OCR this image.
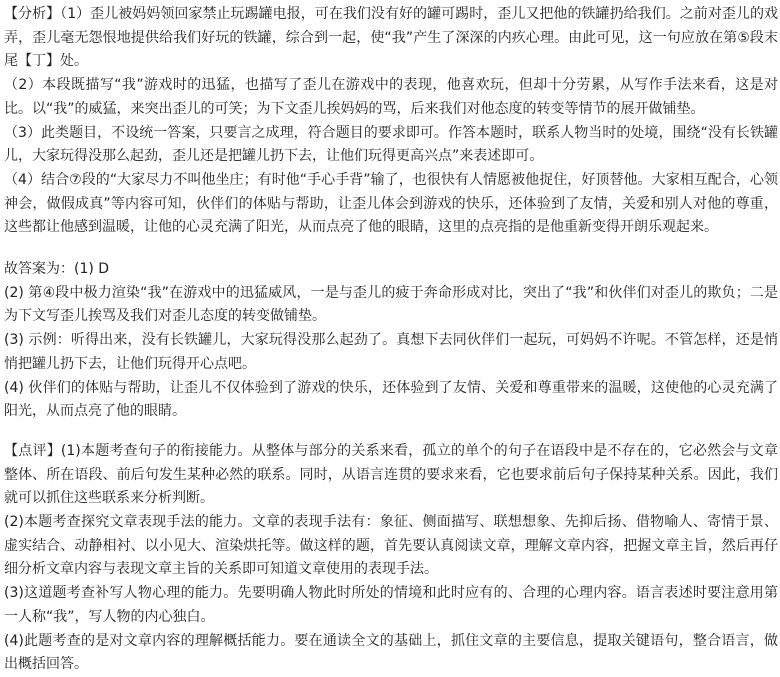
【分析】（1）歪儿被妈妈领回家禁止玩踢罐电报，可在我们没有好的罐可踢时，歪儿又把他的铁罐扔给我们。之前对歪儿的戏弄，歪儿毫无怨恨地提供给我们好玩的铁罐，综合到一起，使“我”产生了深深的内疚心理。由此可见，这一句应放在第⑤段末尾【丁】处。

（2）本段既描写“我”游戏时的迅猛，也描写了歪儿在游戏中的表现，他喜欢玩，但却十分劳累，从写作手法来看，这是对比。以“我”的威猛，来突出歪儿的可笑；为下文歪儿挨妈妈的骂，后来我们对他态度的转变等情节的展开做铺垫。

（3）此类题目，不设统一答案，只要言之成理，符合题目的要求即可。作答本题时，联系人物当时的处境，围绕“没有长铁罐儿，大家玩得没那么起劲，歪儿还是把罐儿扔下去，让他们玩得更高兴点”来表述即可。

（4）结合⑦段的“大家尽力不叫他坐庄；有时他“手心手背”输了，也很快有人情愿被他捉住，好顶替他。大家相互配合，心领神会，做假成真”等内容可知，伙伴们的体贴与帮助，让歪儿体会到游戏的快乐，还体验到了友情，关爱和别人对他的尊重，这些都让他感到温暖，让他的心灵充满了阳光，从而点亮了他的眼睛，这里的点亮指的是他重新变得开朗乐观起来。

故答案为：(1) D

(2) 第④段中极力渲染“我”在游戏中的迅猛威风，一是与歪儿的疲于奔命形成对比，突出了“我”和伙伴们对歪儿的欺负；二是为下文写歪儿挨骂及我们对歪儿态度的转变做铺垫。

(3) 示例：听得出来，没有长铁罐儿，大家玩得没那么起劲了。真想下去同伙伴们一起玩，可妈妈不许呢。不管怎样，还是悄悄把罐儿扔下去，让他们玩得开心点吧。

(4) 伙伴们的体贴与帮助，让歪儿不仅体验到了游戏的快乐，还体验到了友情、关爱和尊重带来的温暖，这使他的心灵充满了阳光，从而点亮了他的眼睛。

【点评】(1)本题考查句子的衔接能力。从整体与部分的关系来看，孤立的单个的句子在语段中是不存在的，它必然会与文章整体、所在语段、前后句发生某种必然的联系。同时，从语言连贯的要求来看，它也要求前后句子保持某种关系。因此，我们就可以抓住这些联系来分析判断。

(2)本题考查探究文章表现手法的能力。文章的表现手法有：象征、侧面描写、联想想象、先抑后扬、借物喻人、寄情于景、虚实结合、动静相衬、以小见大、渲染烘托等。做这样的题，首先要认真阅读文章，理解文章内容，把握文章主旨，然后再仔细分析文章内容与表现文章主旨的关系即可知道文章使用的表现手法。

(3)这道题考查补写人物心理的能力。先要明确人物此时所处的情境和此时应有的、合理的心理内容。语言表述时要注意用第一人称“我”，写人物的内心独白。

(4)此题考查的是对文章内容的理解概括能力。要在通读全文的基础上，抓住文章的主要信息，提取关键语句，整合语言，做出概括回答。
